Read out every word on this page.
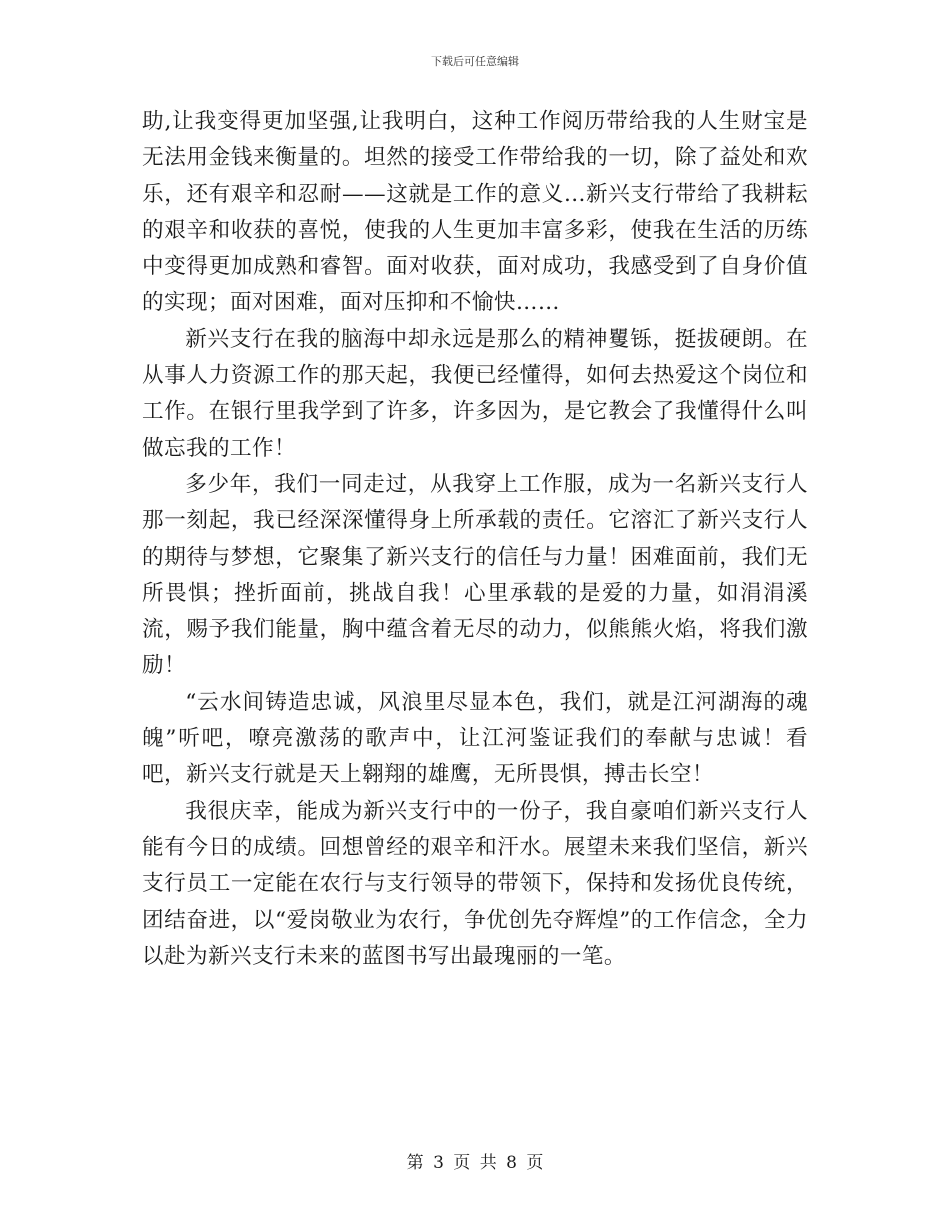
下载后可任意编辑

助,让我变得更加坚强,让我明白，这种工作阅历带给我的人生财宝是无法用金钱来衡量的。坦然的接受工作带给我的一切，除了益处和欢乐，还有艰辛和忍耐——这就是工作的意义...新兴支行带给了我耕耘的艰辛和收获的喜悦，使我的人生更加丰富多彩，使我在生活的历练中变得更加成熟和睿智。面对收获，面对成功，我感受到了自身价值的实现；面对困难，面对压抑和不愉快……

新兴支行在我的脑海中却永远是那么的精神矍铄，挺拔硬朗。在从事人力资源工作的那天起，我便已经懂得，如何去热爱这个岗位和工作。在银行里我学到了许多，许多因为，是它教会了我懂得什么叫做忘我的工作！

多少年，我们一同走过，从我穿上工作服，成为一名新兴支行人那一刻起，我已经深深懂得身上所承载的责任。它溶汇了新兴支行人的期待与梦想，它聚集了新兴支行的信任与力量！困难面前，我们无所畏惧；挫折面前，挑战自我！心里承载的是爱的力量，如涓涓溪流，赐予我们能量，胸中蕴含着无尽的动力，似熊熊火焰，将我们激励！

“云水间铸造忠诚，风浪里尽显本色，我们，就是江河湖海的魂魄”听吧，嘹亮激荡的歌声中，让江河鉴证我们的奉献与忠诚！看吧，新兴支行就是天上翱翔的雄鹰，无所畏惧，搏击长空！

我很庆幸，能成为新兴支行中的一份子，我自豪咱们新兴支行人能有今日的成绩。回想曾经的艰辛和汗水。展望未来我们坚信，新兴支行员工一定能在农行与支行领导的带领下，保持和发扬优良传统，团结奋进，以“爱岗敬业为农行，争优创先夺辉煌”的工作信念，全力以赴为新兴支行未来的蓝图书写出最瑰丽的一笔。

第 3 页 共 8 页
